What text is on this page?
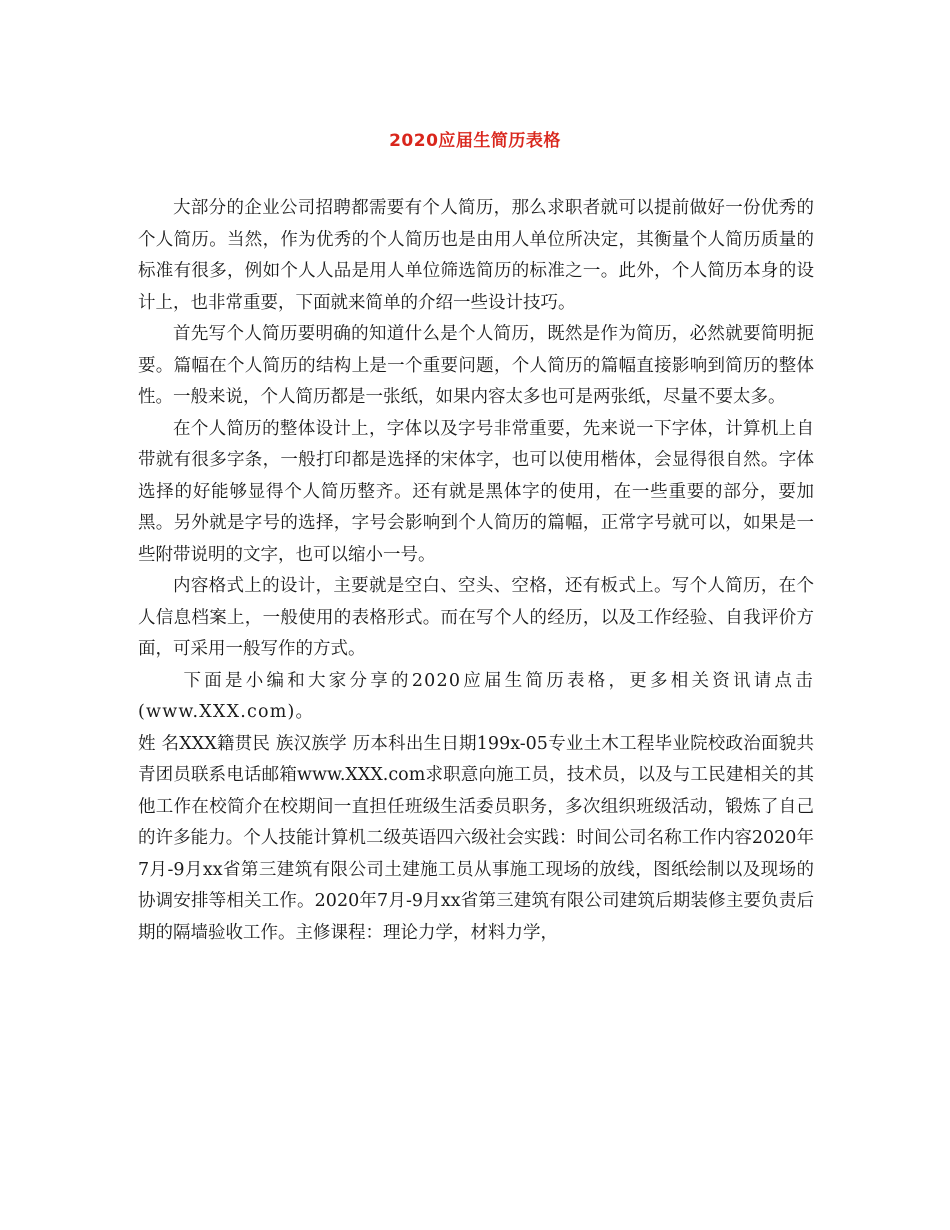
2020应届生简历表格

大部分的企业公司招聘都需要有个人简历，那么求职者就可以提前做好一份优秀的个人简历。当然，作为优秀的个人简历也是由用人单位所决定，其衡量个人简历质量的标准有很多，例如个人人品是用人单位筛选简历的标准之一。此外，个人简历本身的设计上，也非常重要，下面就来简单的介绍一些设计技巧。

首先写个人简历要明确的知道什么是个人简历，既然是作为简历，必然就要简明扼要。篇幅在个人简历的结构上是一个重要问题，个人简历的篇幅直接影响到简历的整体性。一般来说，个人简历都是一张纸，如果内容太多也可是两张纸，尽量不要太多。

在个人简历的整体设计上，字体以及字号非常重要，先来说一下字体，计算机上自带就有很多字条，一般打印都是选择的宋体字，也可以使用楷体，会显得很自然。字体选择的好能够显得个人简历整齐。还有就是黑体字的使用，在一些重要的部分，要加黑。另外就是字号的选择，字号会影响到个人简历的篇幅，正常字号就可以，如果是一些附带说明的文字，也可以缩小一号。

内容格式上的设计，主要就是空白、空头、空格，还有板式上。写个人简历，在个人信息档案上，一般使用的表格形式。而在写个人的经历，以及工作经验、自我评价方面，可采用一般写作的方式。

下面是小编和大家分享的2020应届生简历表格，更多相关资讯请点击(www.XXX.com)。

姓 名XXX籍贯民 族汉族学 历本科出生日期199x-05专业土木工程毕业院校政治面貌共青团员联系电话邮箱www.XXX.com求职意向施工员，技术员，以及与工民建相关的其他工作在校简介在校期间一直担任班级生活委员职务，多次组织班级活动，锻炼了自己的许多能力。个人技能计算机二级英语四六级社会实践：时间公司名称工作内容2020年7月-9月xx省第三建筑有限公司土建施工员从事施工现场的放线，图纸绘制以及现场的协调安排等相关工作。2020年7月-9月xx省第三建筑有限公司建筑后期装修主要负责后期的隔墙验收工作。主修课程：理论力学，材料力学，
